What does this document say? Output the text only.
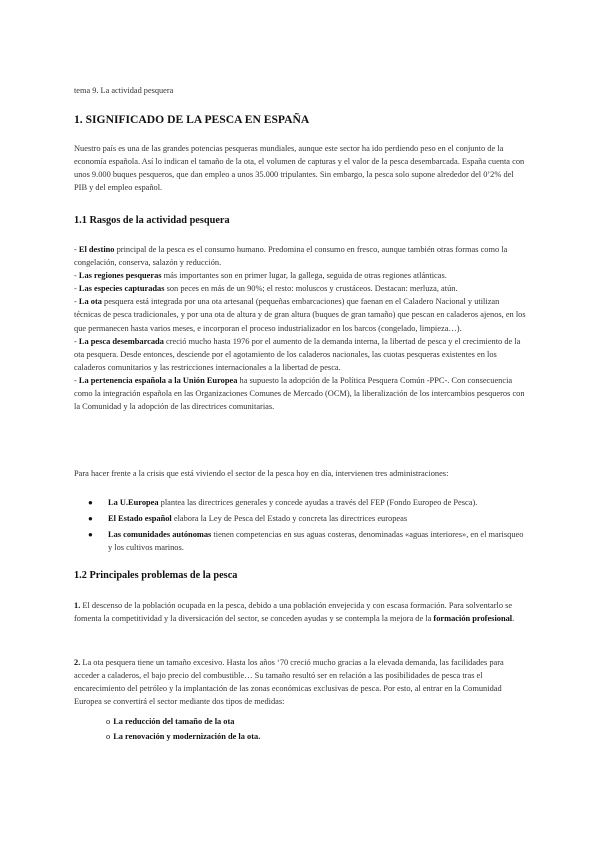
tema 9. La actividad pesquera
1. SIGNIFICADO DE LA PESCA EN ESPAÑA

Nuestro país es una de las grandes potencias pesqueras mundiales, aunque este sector ha ido perdiendo peso en el conjunto de la economía española. Así lo indican el tamaño de la ota, el volumen de capturas y el valor de la pesca desembarcada. España cuenta con unos 9.000 buques pesqueros, que dan empleo a unos 35.000 tripulantes. Sin embargo, la pesca solo supone alrededor del 0’2% del PIB y del empleo español.

1.1 Rasgos de la actividad pesquera
- El destino principal de la pesca es el consumo humano. Predomina el consumo en fresco, aunque también otras formas como la congelación, conserva, salazón y reducción.
- Las regiones pesqueras más importantes son en primer lugar, la gallega, seguida de otras regiones atlánticas.
- Las especies capturadas son peces en más de un 90%; el resto: moluscos y crustáceos. Destacan: merluza, atún.
- La ota pesquera está integrada por una ota artesanal (pequeñas embarcaciones) que faenan en el Caladero Nacional y utilizan técnicas de pesca tradicionales, y por una ota de altura y de gran altura (buques de gran tamaño) que pescan en caladeros ajenos, en los que permanecen hasta varios meses, e incorporan el proceso industrializador en los barcos (congelado, limpieza…).
- La pesca desembarcada creció mucho hasta 1976 por el aumento de la demanda interna, la libertad de pesca y el crecimiento de la ota pesquera. Desde entonces, desciende por el agotamiento de los caladeros nacionales, las cuotas pesqueras existentes en los caladeros comunitarios y las restricciones internacionales a la libertad de pesca.
- La pertenencia española a la Unión Europea ha supuesto la adopción de la Política Pesquera Común -PPC-. Con consecuencia como la integración española en las Organizaciones Comunes de Mercado (OCM), la liberalización de los intercambios pesqueros con la Comunidad y la adopción de las directrices comunitarias.

Para hacer frente a la crisis que está viviendo el sector de la pesca hoy en día, intervienen tres administraciones:

● La U.Europea plantea las directrices generales y concede ayudas a través del FEP (Fondo Europeo de Pesca).
● El Estado español elabora la Ley de Pesca del Estado y concreta las directrices europeas
● Las comunidades autónomas tienen competencias en sus aguas costeras, denominadas «aguas interiores», en el marisqueo y los cultivos marinos.
1.2 Principales problemas de la pesca

1. El descenso de la población ocupada en la pesca, debido a una población envejecida y con escasa formación. Para solventarlo se fomenta la competitividad y la diversicación del sector, se conceden ayudas y se contempla la mejora de la formación profesional.

2. La ota pesquera tiene un tamaño excesivo. Hasta los años ‘70 creció mucho gracias a la elevada demanda, las facilidades para acceder a caladeros, el bajo precio del combustible… Su tamaño resultó ser en relación a las posibilidades de pesca tras el encarecimiento del petróleo y la implantación de las zonas económicas exclusivas de pesca. Por esto, al entrar en la Comunidad Europea se convertirá el sector mediante dos tipos de medidas:

o La reducción del tamaño de la ota

o La renovación y modernización de la ota.
